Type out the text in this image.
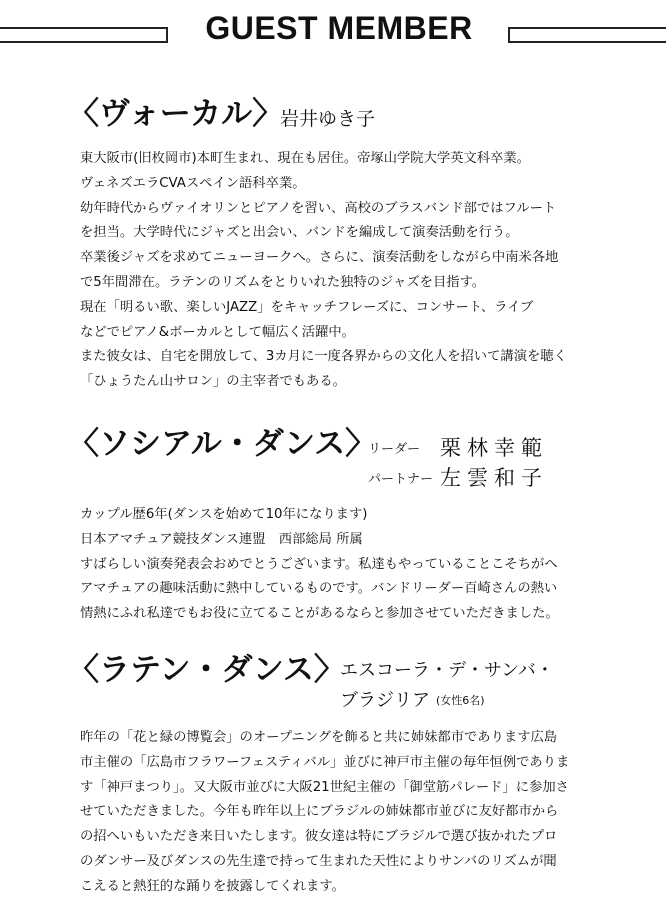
GUEST MEMBER
〈ヴォーカル〉
岩井ゆき子

東大阪市(旧枚岡市)本町生まれ、現在も居住。帝塚山学院大学英文科卒業。

ヴェネズエラCVAスペイン語科卒業。

幼年時代からヴァイオリンとピアノを習い、高校のブラスバンド部ではフルート

を担当。大学時代にジャズと出会い、バンドを編成して演奏活動を行う。

卒業後ジャズを求めてニューヨークへ。さらに、演奏活動をしながら中南米各地

で5年間滞在。ラテンのリズムをとりいれた独特のジャズを目指す。

現在「明るい歌、楽しいJAZZ」をキャッチフレーズに、コンサート、ライブ

などでピアノ&ボーカルとして幅広く活躍中。

また彼女は、自宅を開放して、3カ月に一度各界からの文化人を招いて講演を聴く

「ひょうたん山サロン」の主宰者でもある。

〈ソシアル・ダンス〉
リーダー 栗林幸範
パートナー 左雲和子

カップル歴6年(ダンスを始めて10年になります)

日本アマチュア競技ダンス連盟　西部総局 所属

すばらしい演奏発表会おめでとうございます。私達もやっていることこそちがへ

アマチュアの趣味活動に熱中しているものです。バンドリーダー百崎さんの熱い

情熱にふれ私達でもお役に立てることがあるならと参加させていただきました。

〈ラテン・ダンス〉
エスコーラ・デ・サンバ・
ブラジリア (女性6名)

昨年の「花と緑の博覧会」のオープニングを飾ると共に姉妹都市であります広島

市主催の「広島市フラワーフェスティバル」並びに神戸市主催の毎年恒例でありま

す「神戸まつり」。又大阪市並びに大阪21世紀主催の「御堂筋パレード」に参加さ

せていただきました。今年も昨年以上にブラジルの姉妹都市並びに友好都市から

の招へいもいただき来日いたします。彼女達は特にブラジルで選び抜かれたプロ

のダンサー及びダンスの先生達で持って生まれた天性によりサンバのリズムが聞

こえると熱狂的な踊りを披露してくれます。
